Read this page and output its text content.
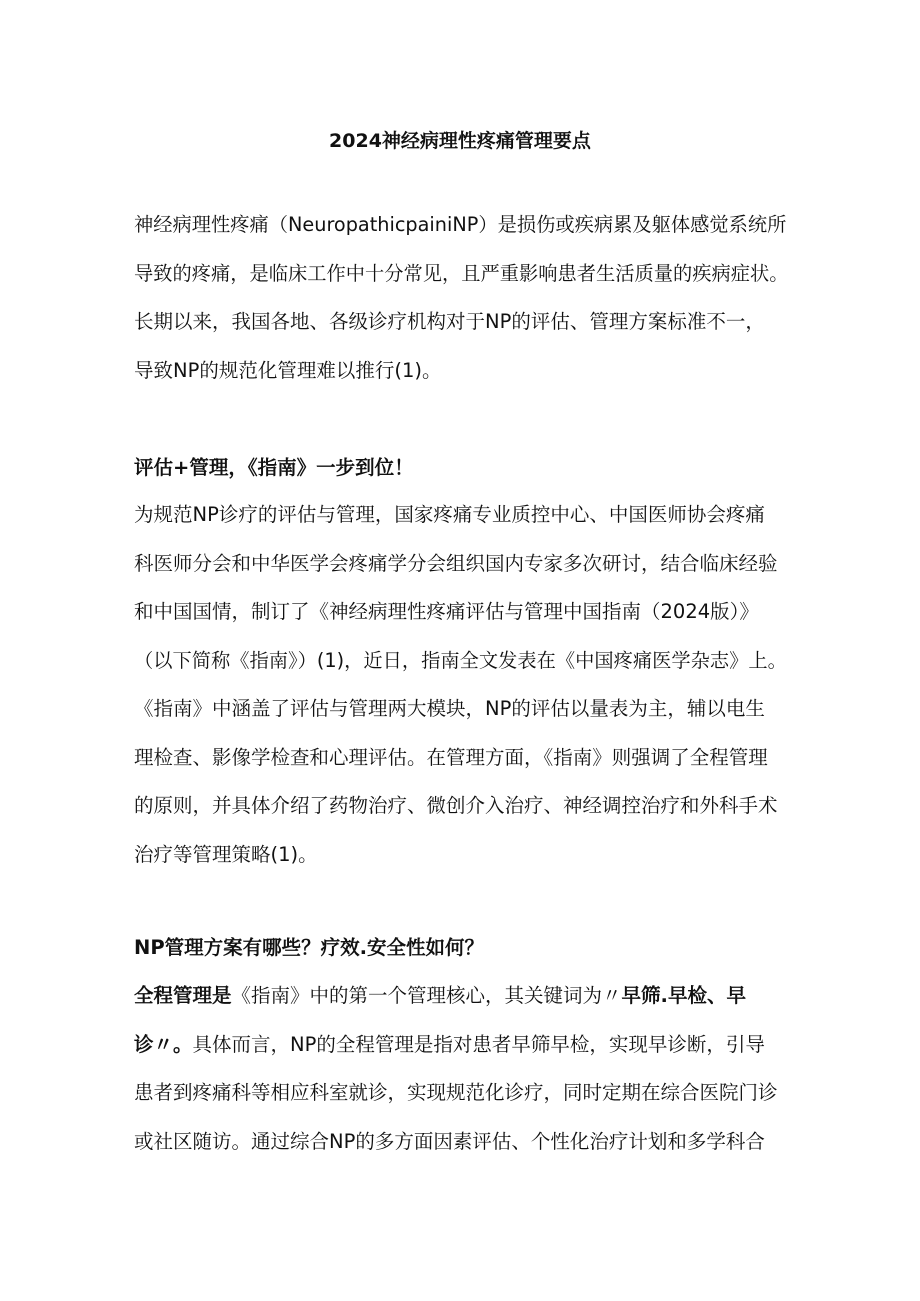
2024神经病理性疼痛管理要点
神经病理性疼痛（NeuropathicpainiNP）是损伤或疾病累及躯体感觉系统所
导致的疼痛，是临床工作中十分常见，且严重影响患者生活质量的疾病症状。
长期以来，我国各地、各级诊疗机构对于NP的评估、管理方案标准不一，
导致NP的规范化管理难以推行(1)。
评估+管理，《指南》一步到位！
为规范NP诊疗的评估与管理，国家疼痛专业质控中心、中国医师协会疼痛
科医师分会和中华医学会疼痛学分会组织国内专家多次研讨，结合临床经验
和中国国情，制订了《神经病理性疼痛评估与管理中国指南（2024版）》
（以下简称《指南》）(1)，近日，指南全文发表在《中国疼痛医学杂志》上。
《指南》中涵盖了评估与管理两大模块，NP的评估以量表为主，辅以电生
理检查、影像学检查和心理评估。在管理方面，《指南》则强调了全程管理
的原则，并具体介绍了药物治疗、微创介入治疗、神经调控治疗和外科手术
治疗等管理策略(1)。
NP管理方案有哪些？疗效.安全性如何？
全程管理是《指南》中的第一个管理核心，其关键词为〃早筛.早检、早
诊〃。具体而言，NP的全程管理是指对患者早筛早检，实现早诊断，引导
患者到疼痛科等相应科室就诊，实现规范化诊疗，同时定期在综合医院门诊
或社区随访。通过综合NP的多方面因素评估、个性化治疗计划和多学科合
